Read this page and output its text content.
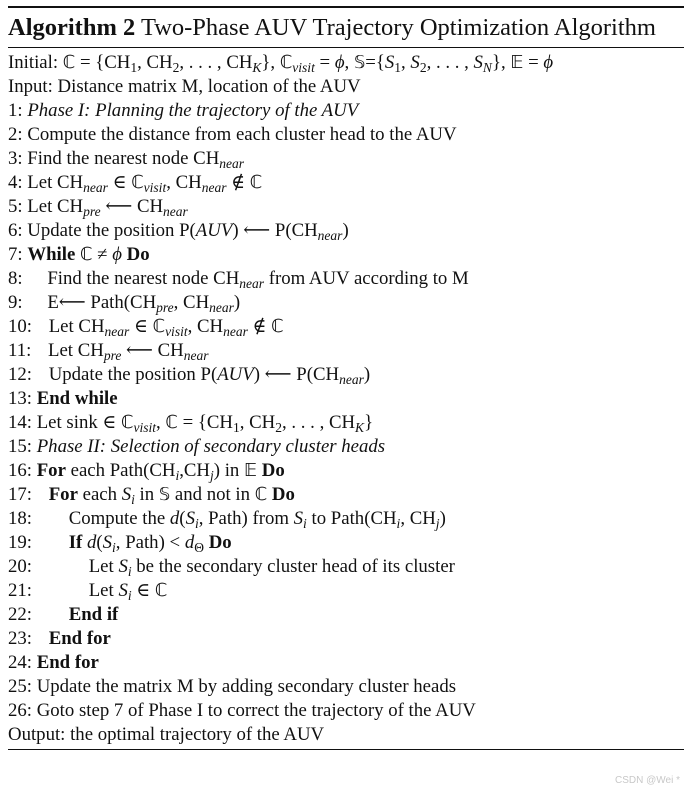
Algorithm 2 Two-Phase AUV Trajectory Optimization Algorithm
Initial: ℂ = {$CH_1$, $CH_2$, . . . , $CH_K$}, ℂ$_{visit}$ = ϕ, $𝕊=\{S_1$, $S_2$, . . . , $S_N$}, 𝔼 = ϕ
Input: Distance matrix M, location of the AUV
1: Phase I: Planning the trajectory of the AUV
2: Compute the distance from each cluster head to the AUV
3: Find the nearest node $CH_{near}$
4: Let $CH_{near}$ ∈ ℂ$_{visit}$, $CH_{near}$ ∉ ℂ
5: Let $CH_{pre}$ ⟵ $CH_{near}$
6: Update the position P(AUV) ⟵ $P(CH_{near})$
7: While ℂ ≠ ϕ Do
8: Find the nearest node $CH_{near}$ from AUV according to M
9: E⟵ $Path(CH_{pre}$, $CH_{near}$)
10: Let $CH_{near}$ ∈ ℂ$_{visit}$, $CH_{near}$ ∉ ℂ
11: Let $CH_{pre}$ ⟵ $CH_{near}$
12: Update the position P(AUV) ⟵ $P(CH_{near})$
13: End while
14: Let sink ∈ ℂ$_{visit}$, ℂ = {$CH_1$, $CH_2$, . . . , $CH_K$}
15: Phase II: Selection of secondary cluster heads
16: For each $Path(CH_i,CH_j)$ in 𝔼 Do
17: For each $S_i$ in 𝕊 and not in ℂ Do
18: Compute the $d(S_i$, Path) from $S_i$ to $Path(CH_i$, $CH_j$)
19: If $d(S_i$, Path) < $d_\Theta$ Do
20:	Let $S_i$ be the secondary cluster head of its cluster
21:	Let $S_i$ ∈ ℂ
22: End if
23: End for
24: End for
25: Update the matrix M by adding secondary cluster heads
26: Goto step 7 of Phase I to correct the trajectory of the AUV
Output: the optimal trajectory of the AUV
CSDN @Wei *
